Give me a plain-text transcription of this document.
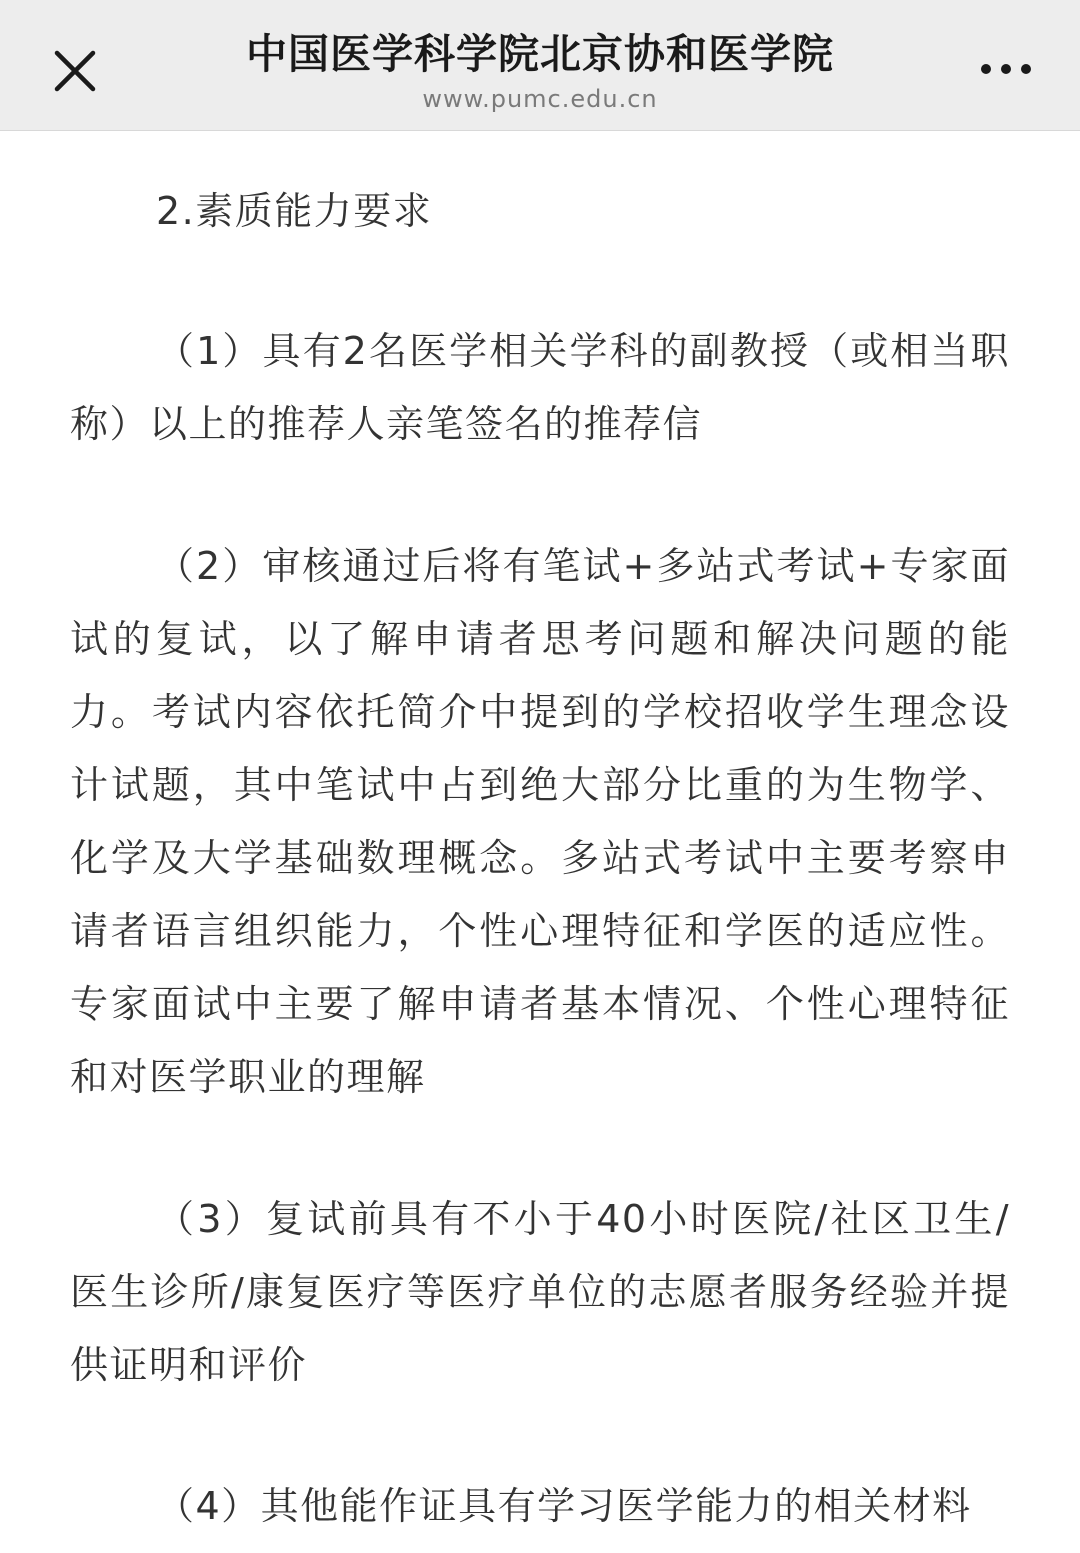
中国医学科学院北京协和医学院
www.pumc.edu.cn

2.素质能力要求

（1）具有2名医学相关学科的副教授（或相当职称）以上的推荐人亲笔签名的推荐信

（2）审核通过后将有笔试+多站式考试+专家面试的复试，以了解申请者思考问题和解决问题的能力。考试内容依托简介中提到的学校招收学生理念设计试题，其中笔试中占到绝大部分比重的为生物学、化学及大学基础数理概念。多站式考试中主要考察申请者语言组织能力，个性心理特征和学医的适应性。专家面试中主要了解申请者基本情况、个性心理特征和对医学职业的理解

（3）复试前具有不小于40小时医院/社区卫生/医生诊所/康复医疗等医疗单位的志愿者服务经验并提供证明和评价

（4）其他能作证具有学习医学能力的相关材料
